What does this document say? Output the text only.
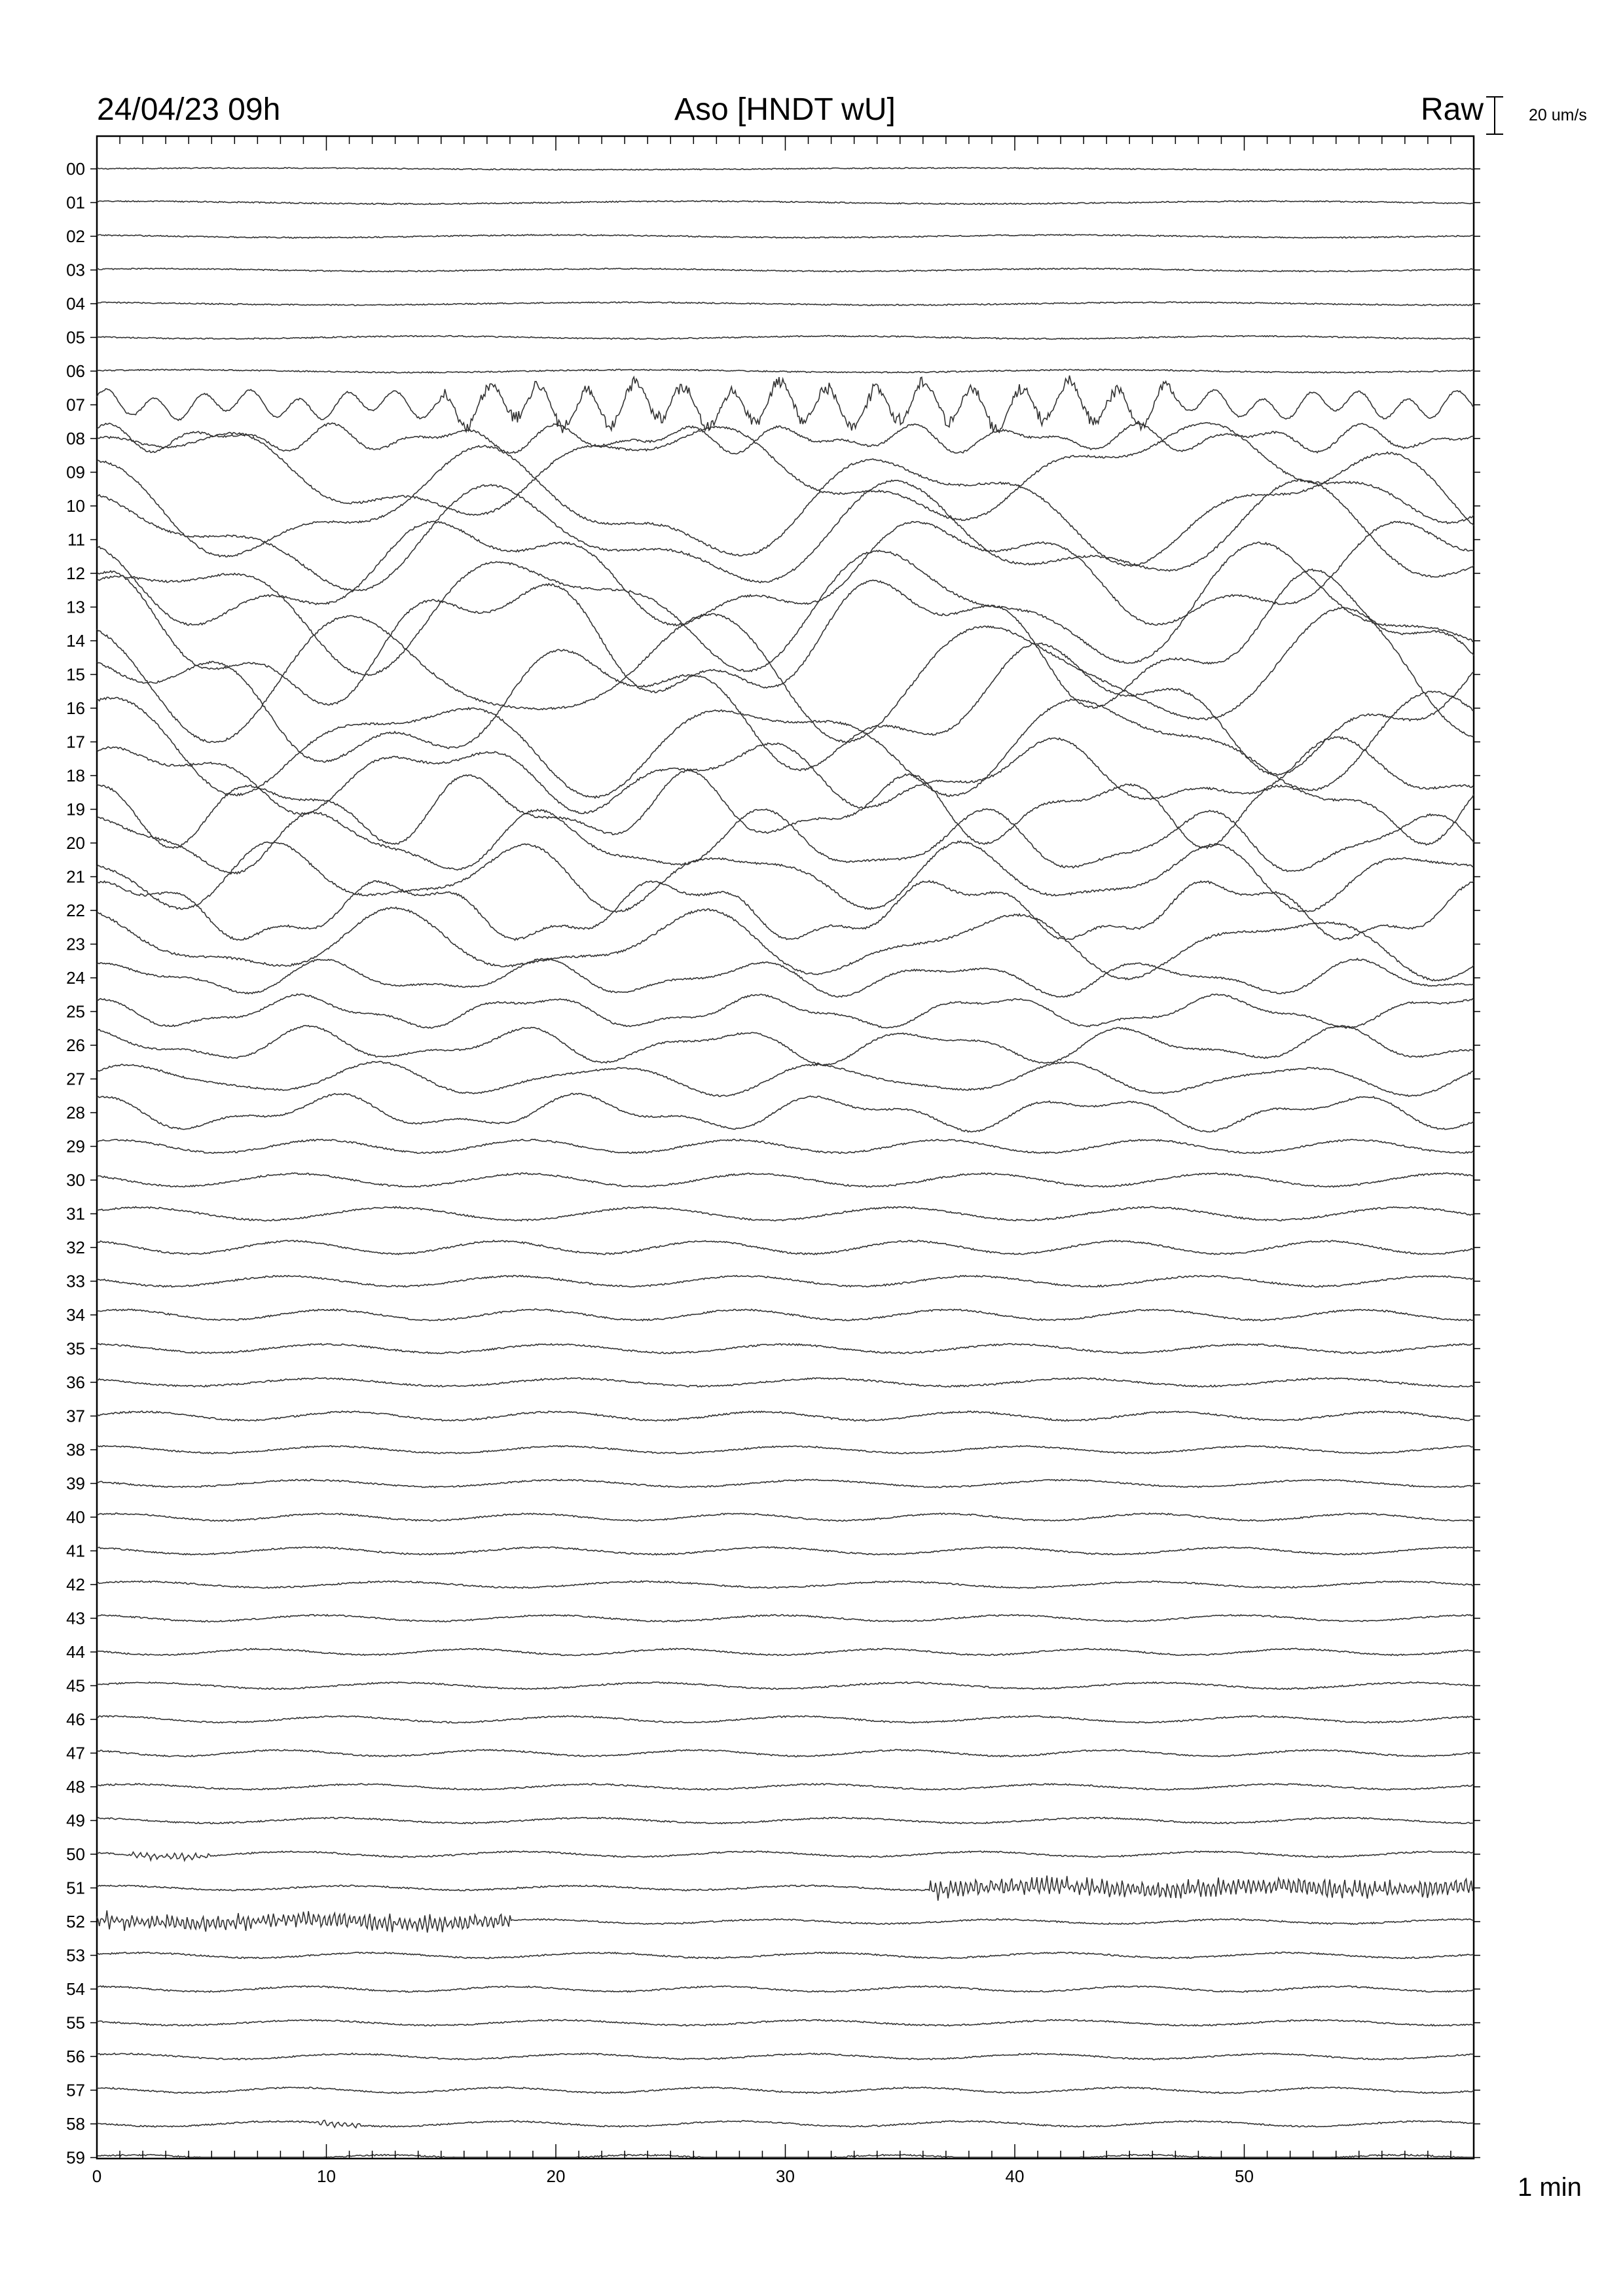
00
01
02
03
04
05
06
07
08
09
10
11
12
13
14
15
16
17
18
19
20
21
22
23
24
25
26
27
28
29
30
31
32
33
34
35
36
37
38
39
40
41
42
43
44
45
46
47
48
49
50
51
52
53
54
55
56
57
58
59
0	10	20	30	40	50
24/04/23 09h	Aso [HNDT wU]	Raw	20 um/s
1 min
